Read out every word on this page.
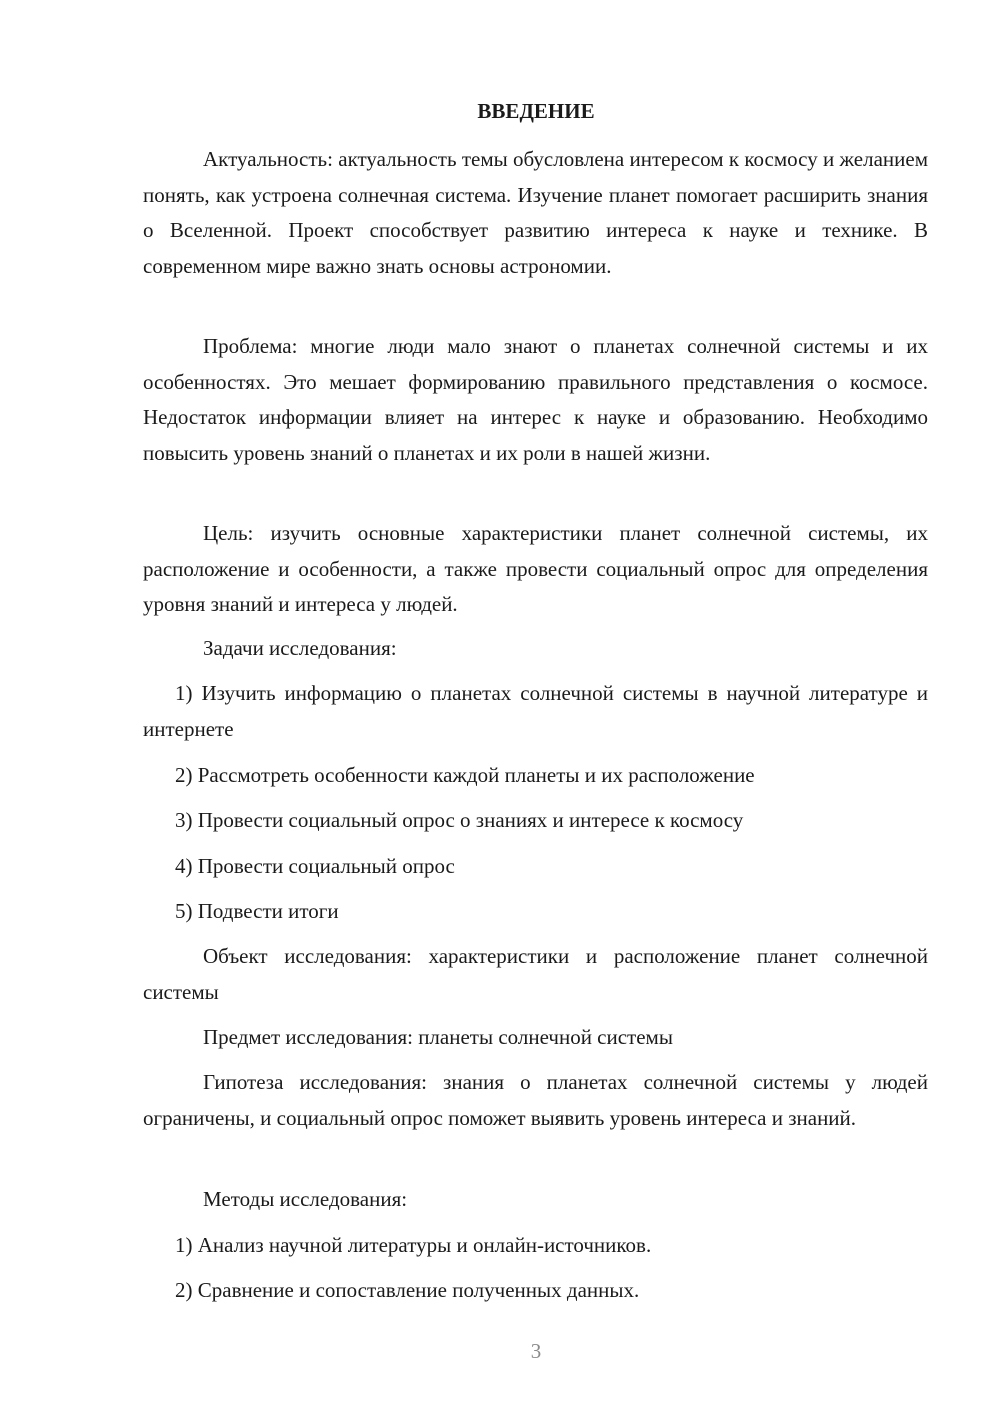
ВВЕДЕНИЕ
Актуальность: актуальность темы обусловлена интересом к космосу и желанием понять, как устроена солнечная система. Изучение планет помогает расширить знания о Вселенной. Проект способствует развитию интереса к науке и технике. В современном мире важно знать основы астрономии.
Проблема: многие люди мало знают о планетах солнечной системы и их особенностях. Это мешает формированию правильного представления о космосе. Недостаток информации влияет на интерес к науке и образованию. Необходимо повысить уровень знаний о планетах и их роли в нашей жизни.
Цель: изучить основные характеристики планет солнечной системы, их расположение и особенности, а также провести социальный опрос для определения уровня знаний и интереса у людей.
Задачи исследования:
1) Изучить информацию о планетах солнечной системы в научной литературе и интернете
2) Рассмотреть особенности каждой планеты и их расположение
3) Провести социальный опрос о знаниях и интересе к космосу
4) Провести социальный опрос
5) Подвести итоги
Объект исследования: характеристики и расположение планет солнечной системы
Предмет исследования: планеты солнечной системы
Гипотеза исследования: знания о планетах солнечной системы у людей ограничены, и социальный опрос поможет выявить уровень интереса и знаний.
Методы исследования:
1) Анализ научной литературы и онлайн-источников.
2) Сравнение и сопоставление полученных данных.
3
